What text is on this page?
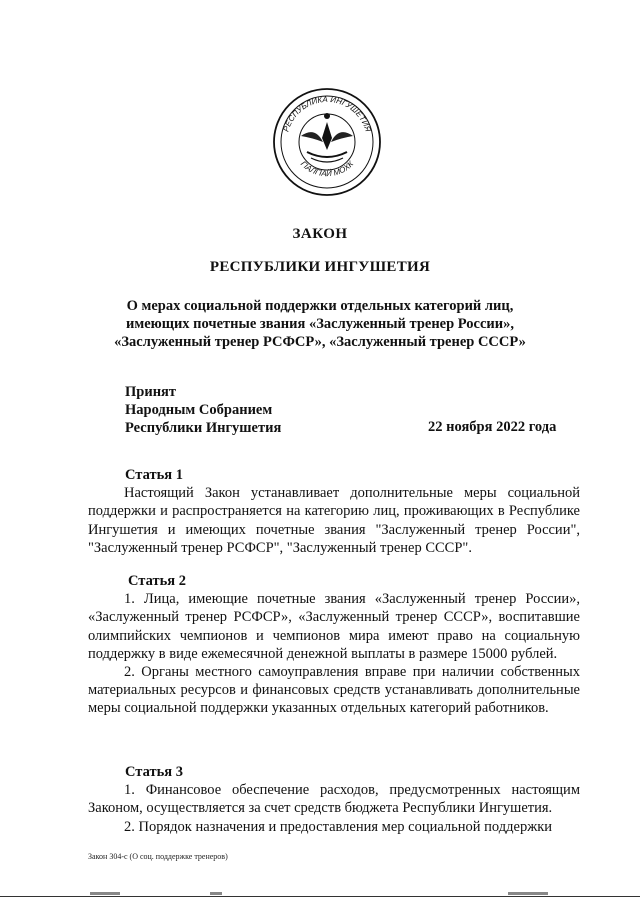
РЕСПУБЛИКА ИНГУШЕТИЯ
ГIАЛГIАЙ МОХК
ЗАКОН
РЕСПУБЛИКИ ИНГУШЕТИЯ
О мерах социальной поддержки отдельных категорий лиц,
имеющих почетные звания «Заслуженный тренер России»,
«Заслуженный тренер РСФСР», «Заслуженный тренер СССР»
Принят
Народным Собранием
Республики Ингушетия	22 ноября 2022 года
Статья 1

Настоящий Закон устанавливает дополнительные меры социальной поддержки и распространяется на категорию лиц, проживающих в Республике Ингушетия и имеющих почетные звания "Заслуженный тренер России", "Заслуженный тренер РСФСР", "Заслуженный тренер СССР".

Статья 2

1. Лица, имеющие почетные звания «Заслуженный тренер России», «Заслуженный тренер РСФСР», «Заслуженный тренер СССР», воспитавшие олимпийских чемпионов и чемпионов мира имеют право на социальную поддержку в виде ежемесячной денежной выплаты в размере 15000 рублей.

2. Органы местного самоуправления вправе при наличии собственных материальных ресурсов и финансовых средств устанавливать дополнительные меры социальной поддержки указанных отдельных категорий работников.

Статья 3

1. Финансовое обеспечение расходов, предусмотренных настоящим Законом, осуществляется за счет средств бюджета Республики Ингушетия.

2. Порядок назначения и предоставления мер социальной поддержки

Закон 304-с (О соц. поддержке тренеров)
